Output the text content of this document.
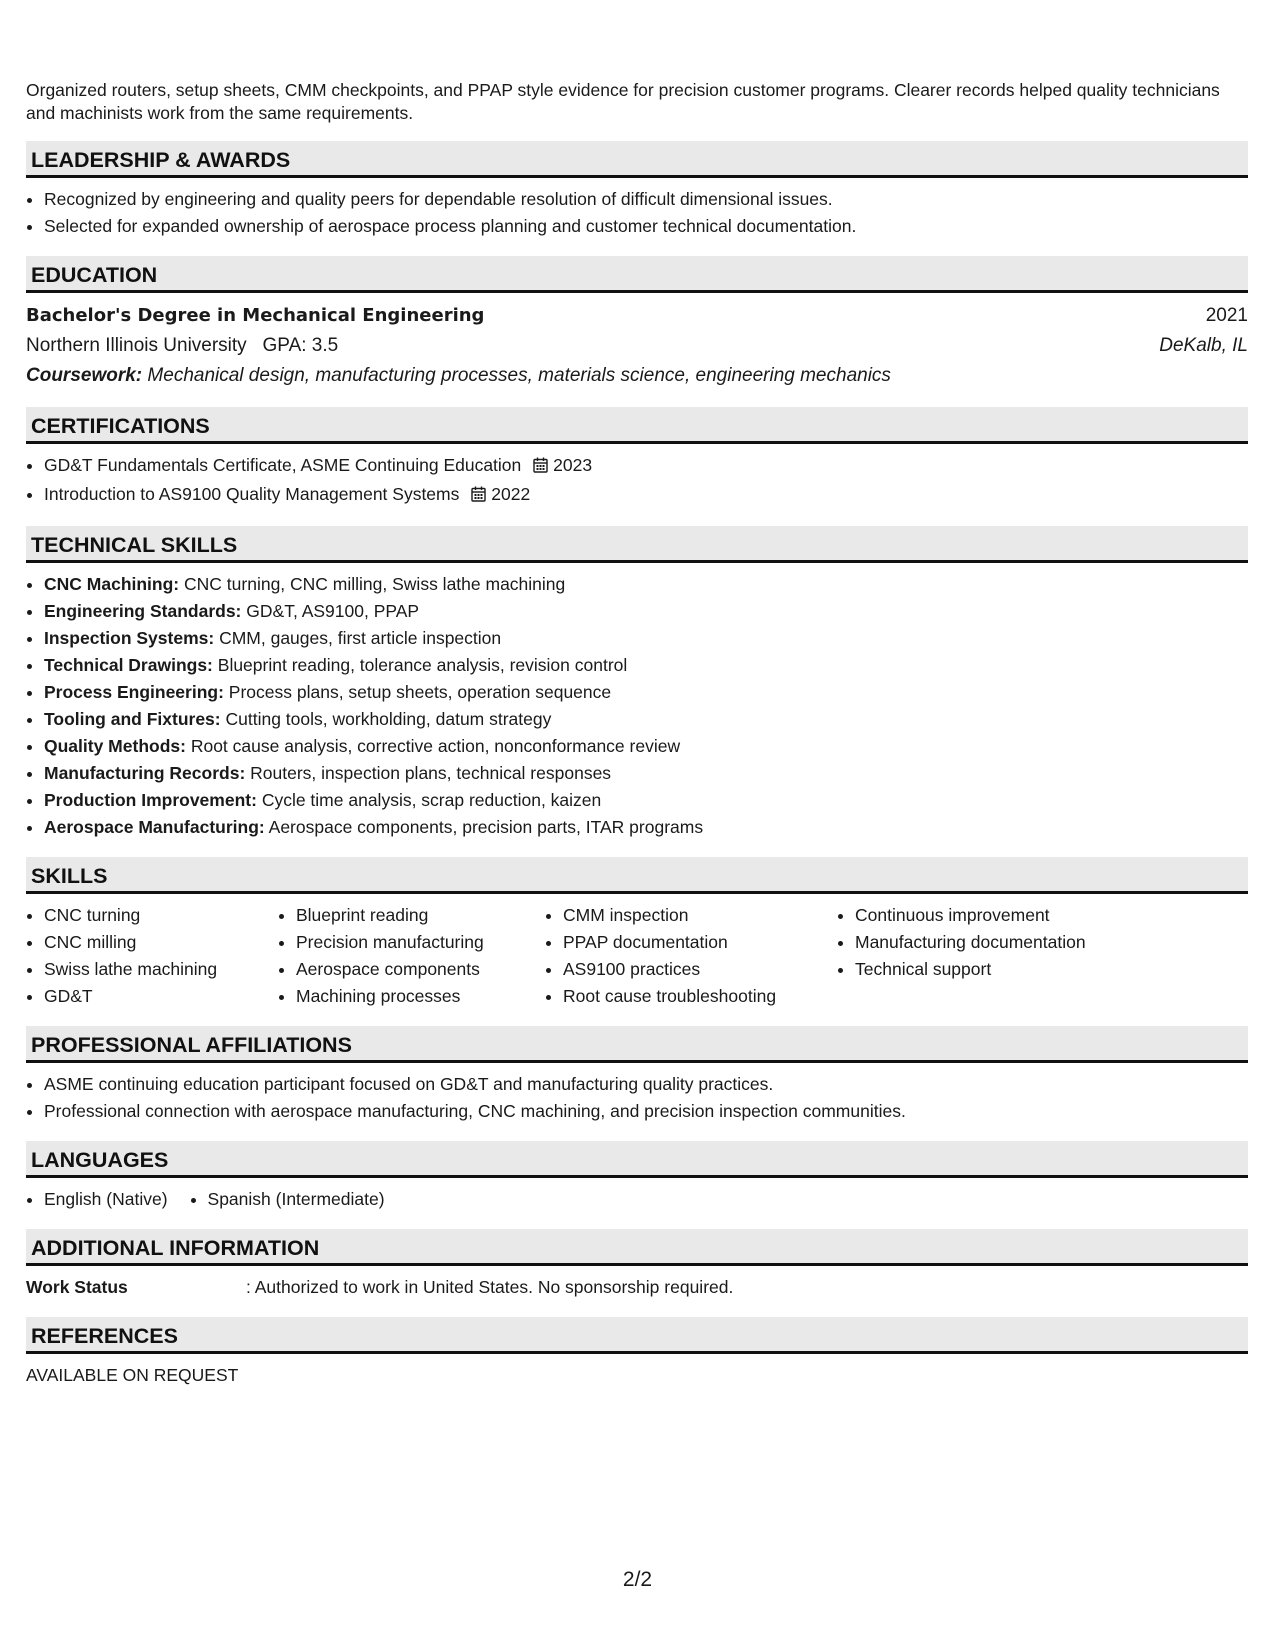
Organized routers, setup sheets, CMM checkpoints, and PPAP style evidence for precision customer programs. Clearer records helped quality technicians and machinists work from the same requirements.
LEADERSHIP & AWARDS
• Recognized by engineering and quality peers for dependable resolution of difficult dimensional issues.
• Selected for expanded ownership of aerospace process planning and customer technical documentation.
EDUCATION
Bachelor's Degree in Mechanical Engineering	2021
Northern Illinois University GPA: 3.5	DeKalb, IL
Coursework: Mechanical design, manufacturing processes, materials science, engineering mechanics
CERTIFICATIONS
• GD&T Fundamentals Certificate, ASME Continuing Education 2023
• Introduction to AS9100 Quality Management Systems 2022
TECHNICAL SKILLS
• CNC Machining: CNC turning, CNC milling, Swiss lathe machining
• Engineering Standards: GD&T, AS9100, PPAP
• Inspection Systems: CMM, gauges, first article inspection
• Technical Drawings: Blueprint reading, tolerance analysis, revision control
• Process Engineering: Process plans, setup sheets, operation sequence
• Tooling and Fixtures: Cutting tools, workholding, datum strategy
• Quality Methods: Root cause analysis, corrective action, nonconformance review
• Manufacturing Records: Routers, inspection plans, technical responses
• Production Improvement: Cycle time analysis, scrap reduction, kaizen
• Aerospace Manufacturing: Aerospace components, precision parts, ITAR programs
SKILLS
• CNC turning
• CNC milling
• Swiss lathe machining
• GD&T
• Blueprint reading
• Precision manufacturing
• Aerospace components
• Machining processes
• CMM inspection
• PPAP documentation
• AS9100 practices
• Root cause troubleshooting
• Continuous improvement
• Manufacturing documentation
• Technical support
PROFESSIONAL AFFILIATIONS
• ASME continuing education participant focused on GD&T and manufacturing quality practices.
• Professional connection with aerospace manufacturing, CNC machining, and precision inspection communities.
LANGUAGES
• English (Native)
• Spanish (Intermediate)
ADDITIONAL INFORMATION
Work Status	: Authorized to work in United States. No sponsorship required.
REFERENCES
AVAILABLE ON REQUEST
2/2
